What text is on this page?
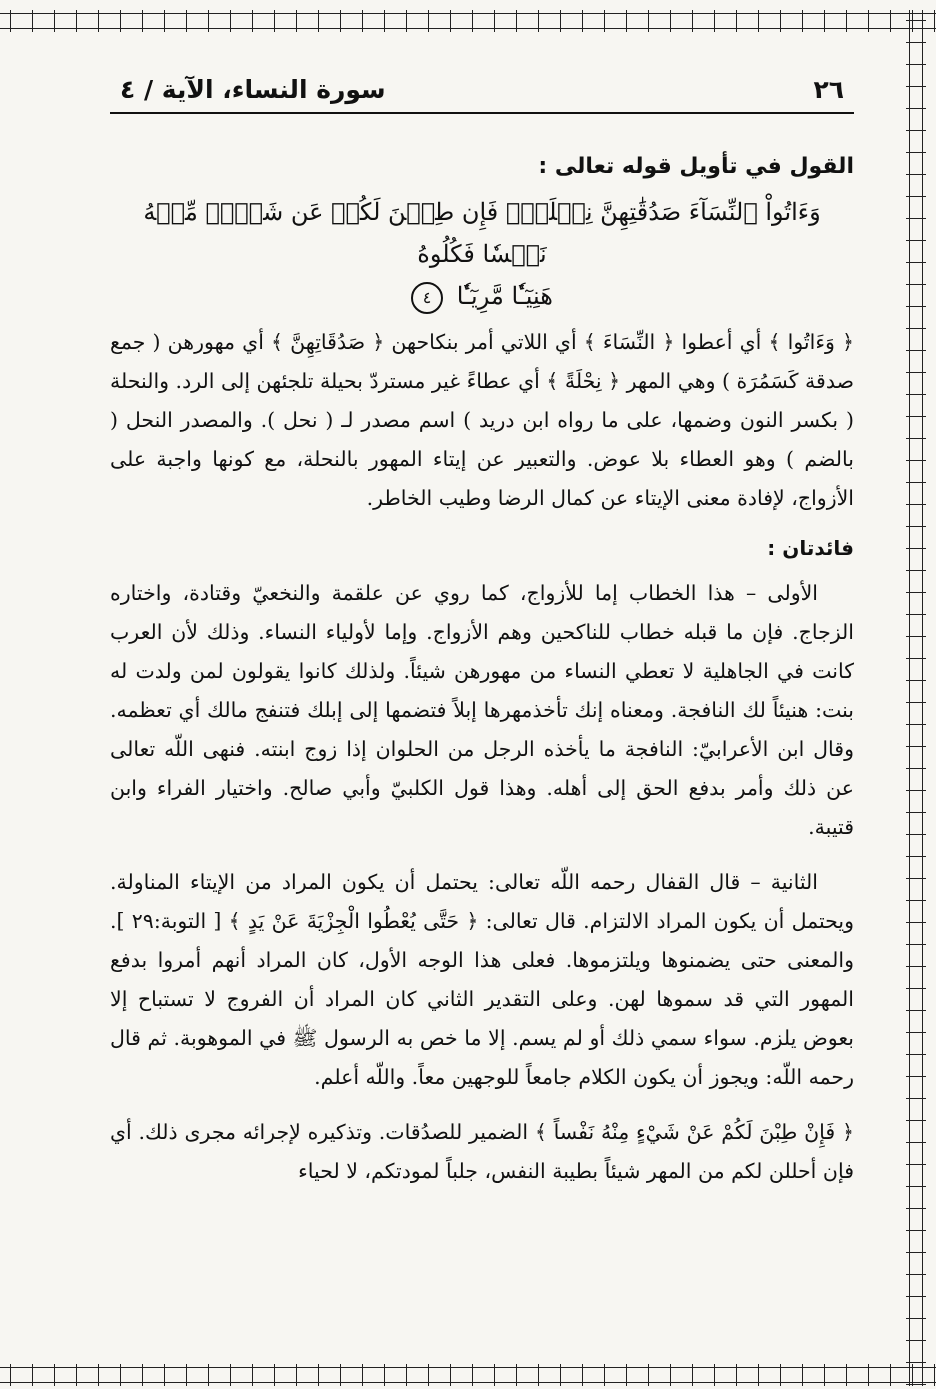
٢٦
سورة النساء، الآية / ٤
القول في تأويل قوله تعالى :
وَءَاتُواْ ٱلنِّسَآءَ صَدُقَٰتِهِنَّ نِحۡلَةٗۚ فَإِن طِبۡنَ لَكُمۡ عَن شَيۡءٖ مِّنۡهُ نَفۡسٗا فَكُلُوهُ
هَنِيٓـٔٗا مَّرِيٓـٔٗا ٤

﴿ وَءَاتُوا ﴾ أي أعطوا ﴿ النِّسَاءَ ﴾ أي اللاتي أمر بنكاحهن ﴿ صَدُقَاتِهِنَّ ﴾ أي مهورهن ( جمع صدقة كَسَمُرَة ) وهي المهر ﴿ نِحْلَةً ﴾ أي عطاءً غير مستردّ بحيلة تلجئهن إلى الرد. والنحلة ( بكسر النون وضمها، على ما رواه ابن دريد ) اسم مصدر لـ ( نحل ). والمصدر النحل ( بالضم ) وهو العطاء بلا عوض. والتعبير عن إيتاء المهور بالنحلة، مع كونها واجبة على الأزواج، لإفادة معنى الإيتاء عن كمال الرضا وطيب الخاطر.

فائدتان :

الأولى – هذا الخطاب إما للأزواج، كما روي عن علقمة والنخعيّ وقتادة، واختاره الزجاج. فإن ما قبله خطاب للناكحين وهم الأزواج. وإما لأولياء النساء. وذلك لأن العرب كانت في الجاهلية لا تعطي النساء من مهورهن شيئاً. ولذلك كانوا يقولون لمن ولدت له بنت: هنيئاً لك النافجة. ومعناه إنك تأخذمهرها إبلاً فتضمها إلى إبلك فتنفج مالك أي تعظمه. وقال ابن الأعرابيّ: النافجة ما يأخذه الرجل من الحلوان إذا زوج ابنته. فنهى اللّه تعالى عن ذلك وأمر بدفع الحق إلى أهله. وهذا قول الكلبيّ وأبي صالح. واختيار الفراء وابن قتيبة.

الثانية – قال القفال رحمه اللّه تعالى: يحتمل أن يكون المراد من الإيتاء المناولة. ويحتمل أن يكون المراد الالتزام. قال تعالى: ﴿ حَتَّى يُعْطُوا الْجِزْيَةَ عَنْ يَدٍ ﴾ [ التوبة:٢٩ ]. والمعنى حتى يضمنوها ويلتزموها. فعلى هذا الوجه الأول، كان المراد أنهم أمروا بدفع المهور التي قد سموها لهن. وعلى التقدير الثاني كان المراد أن الفروج لا تستباح إلا بعوض يلزم. سواء سمي ذلك أو لم يسم. إلا ما خص به الرسول ﷺ في الموهوبة. ثم قال رحمه اللّه: ويجوز أن يكون الكلام جامعاً للوجهين معاً. واللّه أعلم.

﴿ فَإِنْ طِبْنَ لَكُمْ عَنْ شَيْءٍ مِنْهُ نَفْساً ﴾ الضمير للصدُقات. وتذكيره لإجرائه مجرى ذلك. أي فإن أحللن لكم من المهر شيئاً بطيبة النفس، جلباً لمودتكم، لا لحياء
